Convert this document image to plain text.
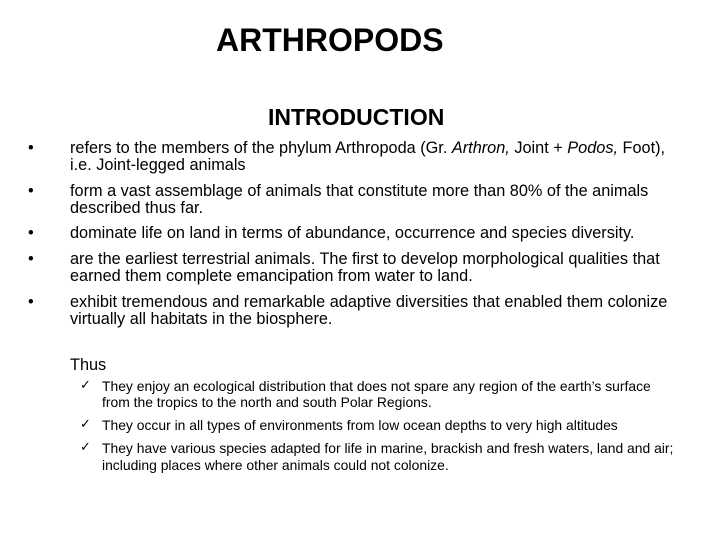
ARTHROPODS
INTRODUCTION
•	refers to the members of the phylum Arthropoda (Gr. Arthron, Joint + Podos, Foot), i.e. Joint-legged animals
•	form a vast assemblage of animals that constitute more than 80% of the animals described thus far.
•	dominate life on land in terms of abundance, occurrence and species diversity.
•	are the earliest terrestrial animals. The first to develop morphological qualities that earned them complete emancipation from water to land.
•	exhibit tremendous and remarkable adaptive diversities that enabled them colonize virtually all habitats in the biosphere.
Thus
✓ They enjoy an ecological distribution that does not spare any region of the earth’s surface from the tropics to the north and south Polar Regions.
✓ They occur in all types of environments from low ocean depths to very high altitudes
✓ They have various species adapted for life in marine, brackish and fresh waters, land and air; including places where other animals could not colonize.
